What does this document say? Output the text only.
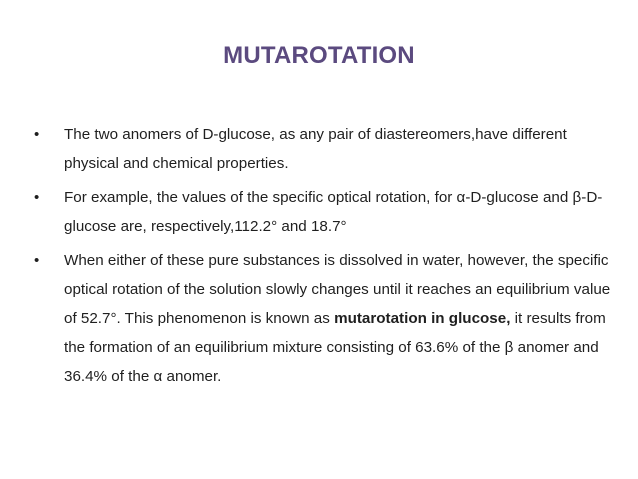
MUTAROTATION
• The two anomers of D-glucose, as any pair of diastereomers,have different physical and chemical properties.
• For example, the values of the specific optical rotation, for α-D-glucose and β-D-glucose are, respectively,112.2° and 18.7°
• When either of these pure substances is dissolved in water, however, the specific optical rotation of the solution slowly changes until it reaches an equilibrium value of 52.7°. This phenomenon is known as mutarotation in glucose, it results from the formation of an equilibrium mixture consisting of 63.6% of the β anomer and 36.4% of the α anomer.
